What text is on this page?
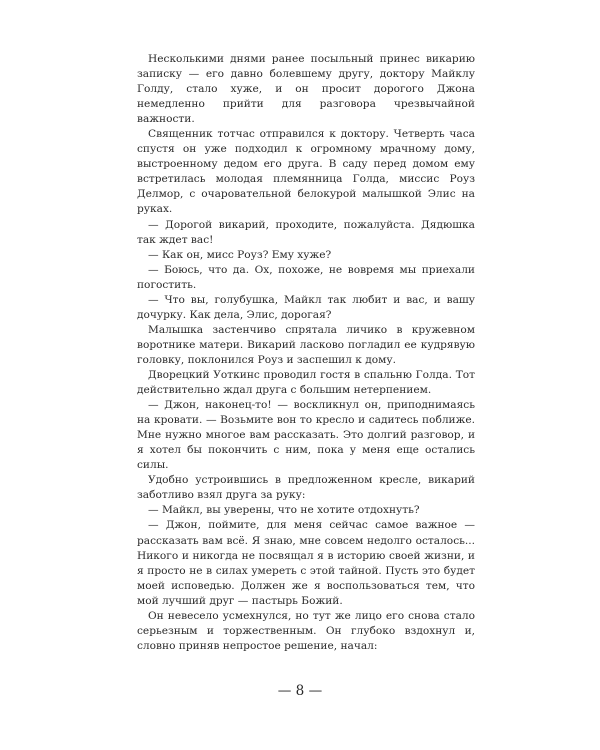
Несколькими днями ранее посыльный принес викарию записку — его давно болевшему другу, доктору Майклу Голду, стало хуже, и он просит дорогого Джона немедленно прийти для разговора чрезвычайной важности.

Священник тотчас отправился к доктору. Четверть часа спустя он уже подходил к огромному мрачному дому, выстроенному дедом его друга. В саду перед домом ему встретилась молодая племянница Голда, миссис Роуз Делмор, с очаровательной белокурой малышкой Элис на руках.

— Дорогой викарий, проходите, пожалуйста. Дядюшка так ждет вас!

— Как он, мисс Роуз? Ему хуже?

— Боюсь, что да. Ох, похоже, не вовремя мы приехали погостить.

— Что вы, голубушка, Майкл так любит и вас, и вашу дочурку. Как дела, Элис, дорогая?

Малышка застенчиво спрятала личико в кружевном воротнике матери. Викарий ласково погладил ее кудрявую головку, поклонился Роуз и заспешил к дому.

Дворецкий Уоткинс проводил гостя в спальню Голда. Тот действительно ждал друга с большим нетерпением.

— Джон, наконец-то! — воскликнул он, приподнимаясь на кровати. — Возьмите вон то кресло и садитесь поближе. Мне нужно многое вам рассказать. Это долгий разговор, и я хотел бы покончить с ним, пока у меня еще остались силы.

Удобно устроившись в предложенном кресле, викарий заботливо взял друга за руку:

— Майкл, вы уверены, что не хотите отдохнуть?

— Джон, поймите, для меня сейчас самое важное — рассказать вам всё. Я знаю, мне совсем недолго осталось... Никого и никогда не посвящал я в историю своей жизни, и я просто не в силах умереть с этой тайной. Пусть это будет моей исповедью. Должен же я воспользоваться тем, что мой лучший друг — пастырь Божий.

Он невесело усмехнулся, но тут же лицо его снова стало серьезным и торжественным. Он глубоко вздохнул и, словно приняв непростое решение, начал:

— 8 —
